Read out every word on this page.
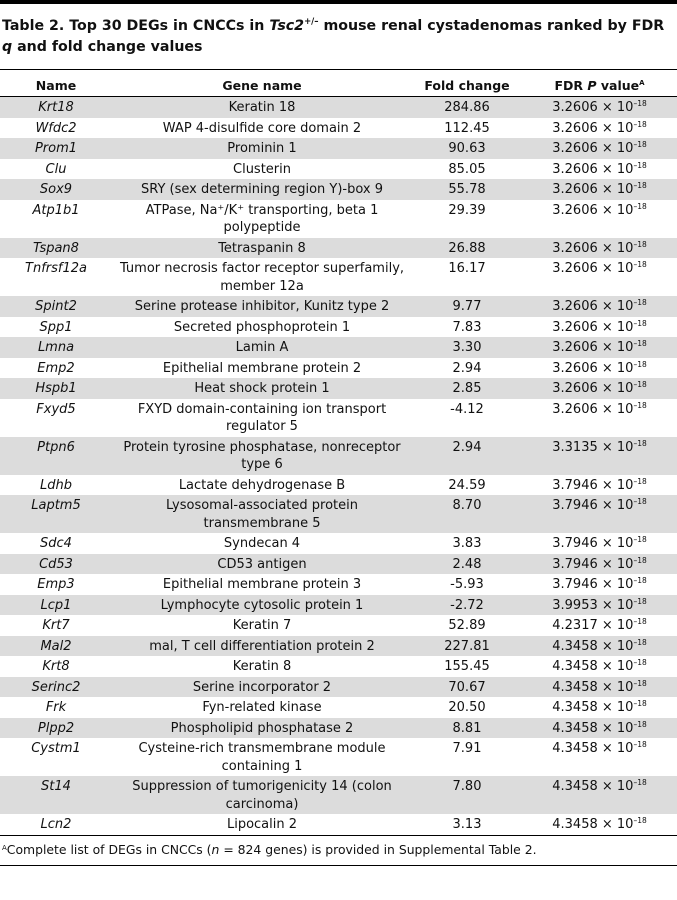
Table 2. Top 30 DEGs in CNCCs in Tsc2+/– mouse renal cystadenomas ranked by FDR q and fold change values

Name	Gene name	Fold change	FDR P value$^A$
Krt18	Keratin 18	284.86	$3.2606 \times 10^{-18}$
Wfdc2	WAP 4-disulfide core domain 2	112.45	$3.2606 \times 10^{-18}$
Prom1	Prominin 1	90.63	$3.2606 \times 10^{-18}$
Clu	Clusterin	85.05	$3.2606 \times 10^{-18}$
Sox9	SRY (sex determining region Y)-box 9	55.78	$3.2606 \times 10^{-18}$
Atp1b1	ATPase, Na⁺/K⁺ transporting, beta 1 polypeptide	29.39	$3.2606 \times 10^{-18}$
Tspan8	Tetraspanin 8	26.88	$3.2606 \times 10^{-18}$
Tnfrsf12a	Tumor necrosis factor receptor superfamily, member 12a	16.17	$3.2606 \times 10^{-18}$
Spint2	Serine protease inhibitor, Kunitz type 2	9.77	$3.2606 \times 10^{-18}$
Spp1	Secreted phosphoprotein 1	7.83	$3.2606 \times 10^{-18}$
Lmna	Lamin A	3.30	$3.2606 \times 10^{-18}$
Emp2	Epithelial membrane protein 2	2.94	$3.2606 \times 10^{-18}$
Hspb1	Heat shock protein 1	2.85	$3.2606 \times 10^{-18}$
Fxyd5	FXYD domain-containing ion transport regulator 5	-4.12	$3.2606 \times 10^{-18}$
Ptpn6	Protein tyrosine phosphatase, nonreceptor type 6	2.94	$3.3135 \times 10^{-18}$
Ldhb	Lactate dehydrogenase B	24.59	$3.7946 \times 10^{-18}$
Laptm5	Lysosomal-associated protein transmembrane 5	8.70	$3.7946 \times 10^{-18}$
Sdc4	Syndecan 4	3.83	$3.7946 \times 10^{-18}$
Cd53	CD53 antigen	2.48	$3.7946 \times 10^{-18}$
Emp3	Epithelial membrane protein 3	-5.93	$3.7946 \times 10^{-18}$
Lcp1	Lymphocyte cytosolic protein 1	-2.72	$3.9953 \times 10^{-18}$
Krt7	Keratin 7	52.89	$4.2317 \times 10^{-18}$
Mal2	mal, T cell differentiation protein 2	227.81	$4.3458 \times 10^{-18}$
Krt8	Keratin 8	155.45	$4.3458 \times 10^{-18}$
Serinc2	Serine incorporator 2	70.67	$4.3458 \times 10^{-18}$
Frk	Fyn-related kinase	20.50	$4.3458 \times 10^{-18}$
Plpp2	Phospholipid phosphatase 2	8.81	$4.3458 \times 10^{-18}$
Cystm1	Cysteine-rich transmembrane module containing 1	7.91	$4.3458 \times 10^{-18}$
St14	Suppression of tumorigenicity 14 (colon carcinoma)	7.80	$4.3458 \times 10^{-18}$
Lcn2	Lipocalin 2	3.13	$4.3458 \times 10^{-18}$
$^A$Complete list of DEGs in CNCCs (n = 824 genes) is provided in Supplemental Table 2.
